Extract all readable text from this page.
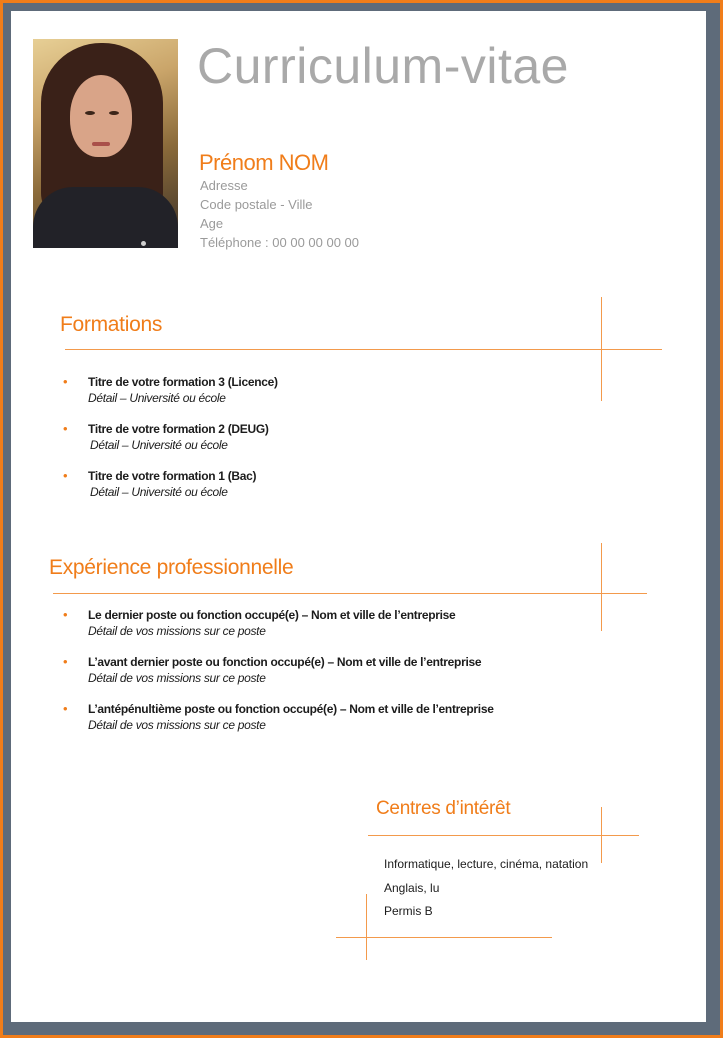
Curriculum-vitae
Prénom NOM
Adresse
Code postale - Ville
Age
Téléphone : 00 00 00 00 00
Formations
• Titre de votre formation 3 (Licence)
Détail – Université ou école
• Titre de votre formation 2 (DEUG)
Détail – Université ou école
• Titre de votre formation 1 (Bac)
Détail – Université ou école
Expérience professionnelle
• Le dernier poste ou fonction occupé(e) – Nom et ville de l’entreprise
Détail de vos missions sur ce poste
• L’avant dernier poste ou fonction occupé(e) – Nom et ville de l’entreprise
Détail de vos missions sur ce poste
• L’antépénultième poste ou fonction occupé(e) – Nom et ville de l’entreprise
Détail de vos missions sur ce poste
Centres d’intérêt
Informatique, lecture, cinéma, natation
Anglais, lu
Permis B
